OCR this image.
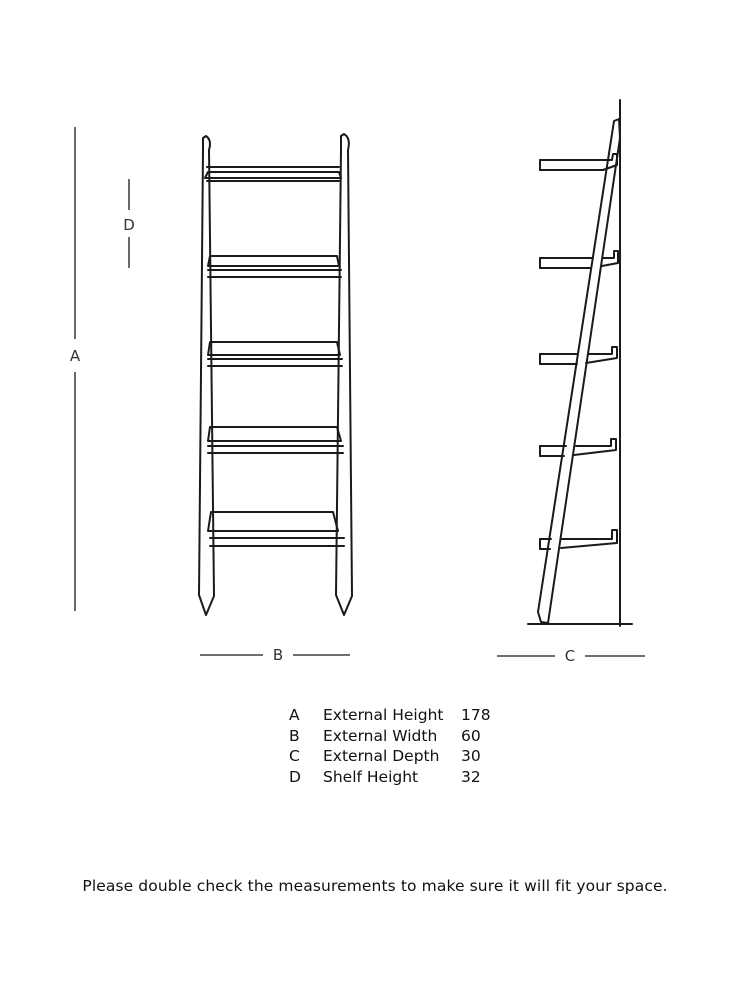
A
D
B	C
A	External Height	178
B	External Width	60
C	External Depth	30
D	Shelf Height	32
Please double check the measurements to make sure it will fit your space.
